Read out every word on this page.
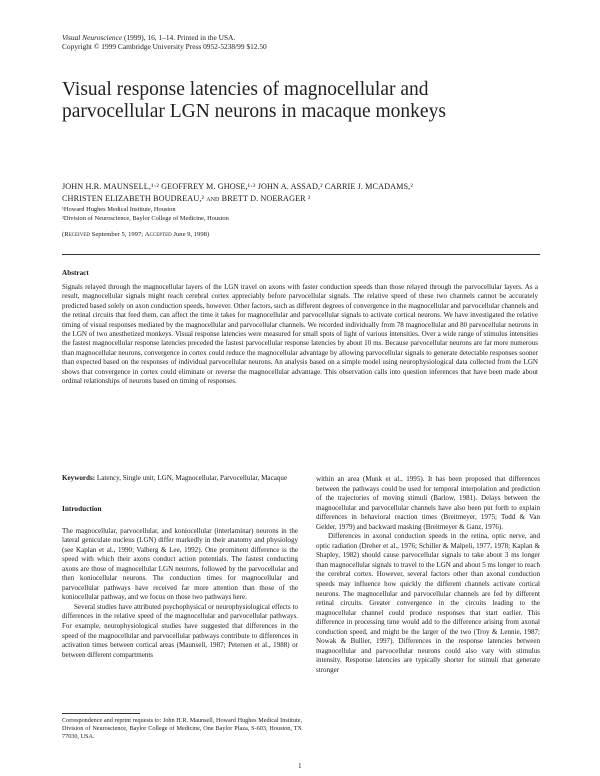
Visual Neuroscience (1999), 16, 1–14. Printed in the USA.
Copyright © 1999 Cambridge University Press 0952-5238/99 $12.50
Visual response latencies of magnocellular and parvocellular LGN neurons in macaque monkeys
JOHN H.R. MAUNSELL,¹·² GEOFFREY M. GHOSE,¹·² JOHN A. ASSAD,² CARRIE J. MCADAMS,²
CHRISTEN ELIZABETH BOUDREAU,² and BRETT D. NOERAGER ²
¹Howard Hughes Medical Institute, Houston
²Division of Neuroscience, Baylor College of Medicine, Houston
(Received September 5, 1997; Accepted June 9, 1998)
Abstract
Signals relayed through the magnocellular layers of the LGN travel on axons with faster conduction speeds than those relayed through the parvocellular layers. As a result, magnocellular signals might reach cerebral cortex appreciably before parvocellular signals. The relative speed of these two channels cannot be accurately predicted based solely on axon conduction speeds, however. Other factors, such as different degrees of convergence in the magnocellular and parvocellular channels and the retinal circuits that feed them, can affect the time it takes for magnocellular and parvocellular signals to activate cortical neurons. We have investigated the relative timing of visual responses mediated by the magnocellular and parvocellular channels. We recorded individually from 78 magnocellular and 80 parvocellular neurons in the LGN of two anesthetized monkeys. Visual response latencies were measured for small spots of light of various intensities. Over a wide range of stimulus intensities the fastest magnocellular response latencies preceded the fastest parvocellular response latencies by about 10 ms. Because parvocellular neurons are far more numerous than magnocellular neurons, convergence in cortex could reduce the magnocellular advantage by allowing parvocellular signals to generate detectable responses sooner than expected based on the responses of individual parvocellular neurons. An analysis based on a simple model using neurophysiological data collected from the LGN shows that convergence in cortex could eliminate or reverse the magnocellular advantage. This observation calls into question inferences that have been made about ordinal relationships of neurons based on timing of responses.
Keywords: Latency, Single unit, LGN, Magnocellular, Parvocellular, Macaque

Introduction

The magnocellular, parvocellular, and koniocellular (interlaminar) neurons in the lateral geniculate nucleus (LGN) differ markedly in their anatomy and physiology (see Kaplan et al., 1990; Valberg & Lee, 1992). One prominent difference is the speed with which their axons conduct action potentials. The fastest conducting axons are those of magnocellular LGN neurons, followed by the parvocellular and then koniocellular neurons. The conduction times for magnocellular and parvocellular pathways have received far more attention than those of the koniocellular pathway, and we focus on those two pathways here.

Several studies have attributed psychophysical or neurophysiological effects to differences in the relative speed of the magnocellular and parvocellular pathways. For example, neurophysiological studies have suggested that differences in the speed of the magnocellular and parvocellular pathways contribute to differences in activation times between cortical areas (Maunsell, 1987; Petersen et al., 1988) or between different compartments

within an area (Munk et al., 1995). It has been proposed that differences between the pathways could be used for temporal interpolation and prediction of the trajectories of moving stimuli (Barlow, 1981). Delays between the magnocellular and parvocellular channels have also been put forth to explain differences in behavioral reaction times (Breitmeyer, 1975; Todd & Van Gelder, 1979) and backward masking (Breitmeyer & Ganz, 1976).

Differences in axonal conduction speeds in the retina, optic nerve, and optic radiation (Dreher et al., 1976; Schiller & Malpeli, 1977, 1978; Kaplan & Shapley, 1982) should cause parvocellular signals to take about 3 ms longer than magnocellular signals to travel to the LGN and about 5 ms longer to reach the cerebral cortex. However, several factors other than axonal conduction speeds may influence how quickly the different channels activate cortical neurons. The magnocellular and parvocellular channels are fed by different retinal circuits. Greater convergence in the circuits leading to the magnocellular channel could produce responses that start earlier. This difference in processing time would add to the difference arising from axonal conduction speed, and might be the larger of the two (Troy & Lennie, 1987; Nowak & Bullier, 1997). Differences in the response latencies between magnocellular and parvocellular neurons could also vary with stimulus intensity. Response latencies are typically shorter for stimuli that generate stronger

Correspondence and reprint requests to: John H.R. Maunsell, Howard Hughes Medical Institute, Division of Neuroscience, Baylor College of Medicine, One Baylor Plaza, S-603, Houston, TX 77030, USA.
1
